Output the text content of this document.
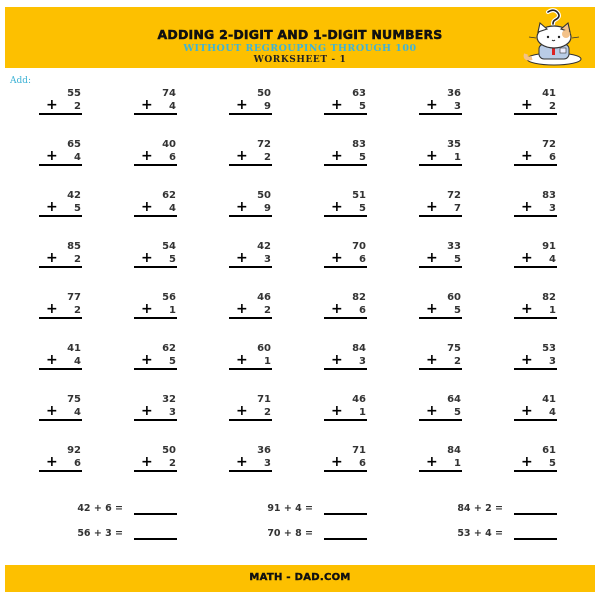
ADDING 2-DIGIT AND 1-DIGIT NUMBERS
WITHOUT REGROUPING THROUGH 100
WORKSHEET - 1
Add:
55
+ 2
74
+ 4
50
+ 9
63
+ 5
36
+ 3
41
+ 2
65
+ 4
40
+ 6
72
+ 2
83
+ 5
35
+ 1
72
+ 6
42
+ 5
62
+ 4
50
+ 9
51
+ 5
72
+ 7
83
+ 3
85
+ 2
54
+ 5
42
+ 3
70
+ 6
33
+ 5
91
+ 4
77
+ 2
56
+ 1
46
+ 2
82
+ 6
60
+ 5
82
+ 1
41
+ 4
62
+ 5
60
+ 1
84
+ 3
75
+ 2
53
+ 3
75
+ 4
32
+ 3
71
+ 2
46
+ 1
64
+ 5
41
+ 4
92
+ 6
50
+ 2
36
+ 3
71
+ 6
84
+ 1
61
+ 5
42 + 6 =	91 + 4 =	84 + 2 =
56 + 3 =	70 + 8 =	53 + 4 =
MATH - DAD.COM
